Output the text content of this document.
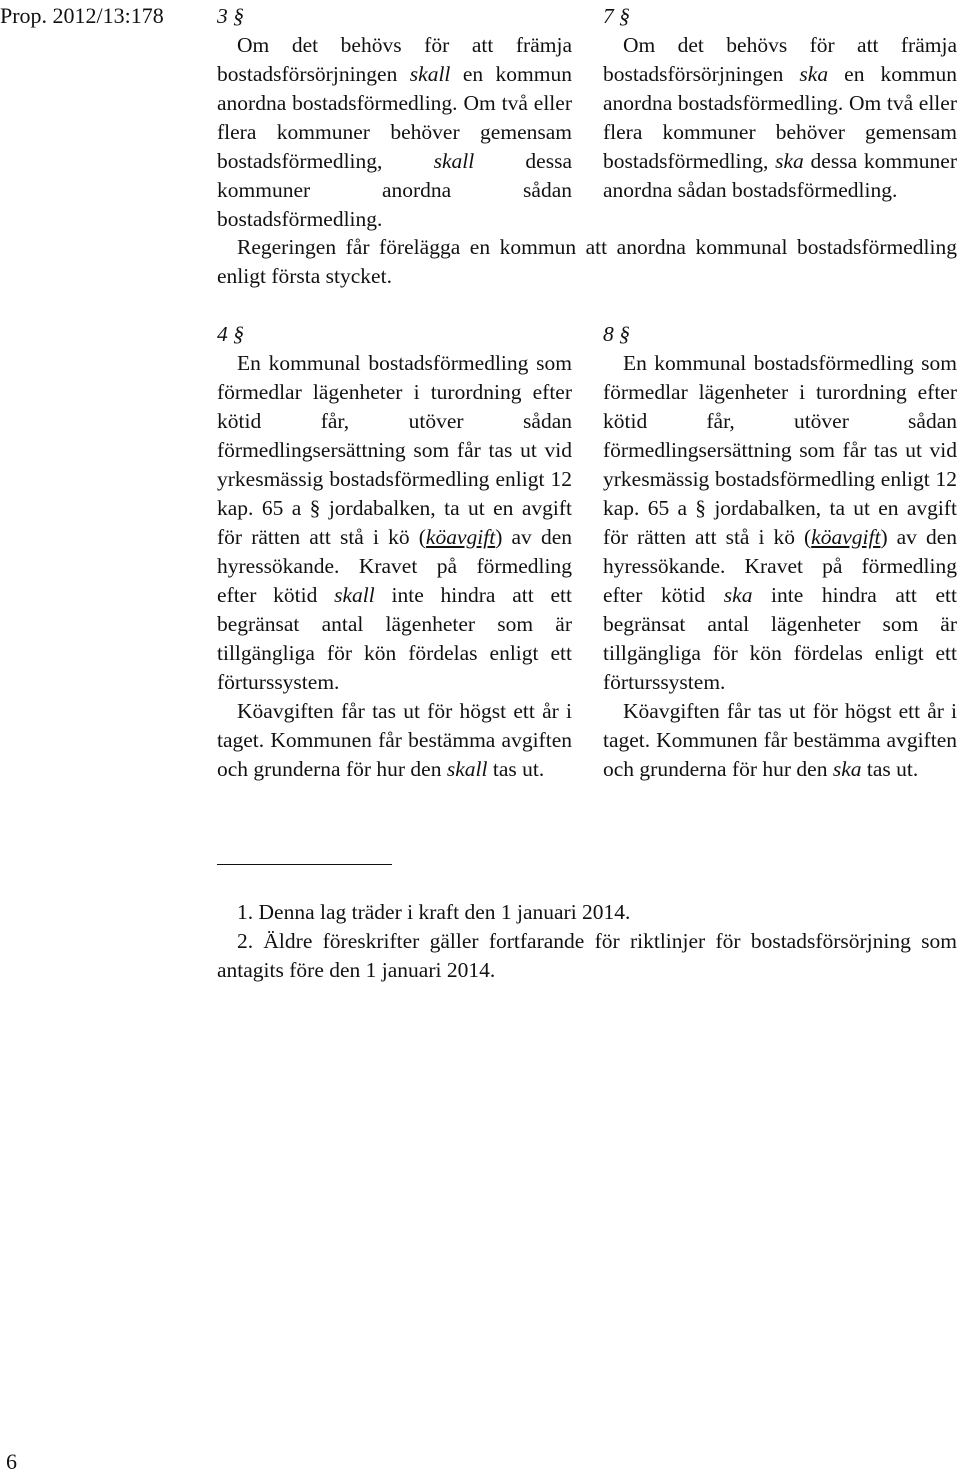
Prop. 2012/13:178 3 §
Om det behövs för att främja bostadsförsörjningen skall en kommun anordna bostadsförmedling. Om två eller flera kommuner behöver gemensam bostadsförmedling, skall dessa kommuner anordna sådan bostadsförmedling.
7 §
Om det behövs för att främja bostadsförsörjningen ska en kommun anordna bostadsförmedling. Om två eller flera kommuner behöver gemensam bostadsförmedling, ska dessa kommuner anordna sådan bostadsförmedling.
Regeringen får förelägga en kommun att anordna kommunal bostadsförmedling enligt första stycket.
4 §
En kommunal bostadsförmedling som förmedlar lägenheter i turordning efter kötid får, utöver sådan förmedlingsersättning som får tas ut vid yrkesmässig bostadsförmedling enligt 12 kap. 65 a § jordabalken, ta ut en avgift för rätten att stå i kö (köavgift) av den hyressökande. Kravet på förmedling efter kötid skall inte hindra att ett begränsat antal lägenheter som är tillgängliga för kön fördelas enligt ett förturssystem.
Köavgiften får tas ut för högst ett år i taget. Kommunen får bestämma avgiften och grunderna för hur den skall tas ut.
8 §
En kommunal bostadsförmedling som förmedlar lägenheter i turordning efter kötid får, utöver sådan förmedlingsersättning som får tas ut vid yrkesmässig bostadsförmedling enligt 12 kap. 65 a § jordabalken, ta ut en avgift för rätten att stå i kö (köavgift) av den hyressökande. Kravet på förmedling efter kötid ska inte hindra att ett begränsat antal lägenheter som är tillgängliga för kön fördelas enligt ett förturssystem.
Köavgiften får tas ut för högst ett år i taget. Kommunen får bestämma avgiften och grunderna för hur den ska tas ut.
1. Denna lag träder i kraft den 1 januari 2014.
2. Äldre föreskrifter gäller fortfarande för riktlinjer för bostadsförsörjning som antagits före den 1 januari 2014.
6
